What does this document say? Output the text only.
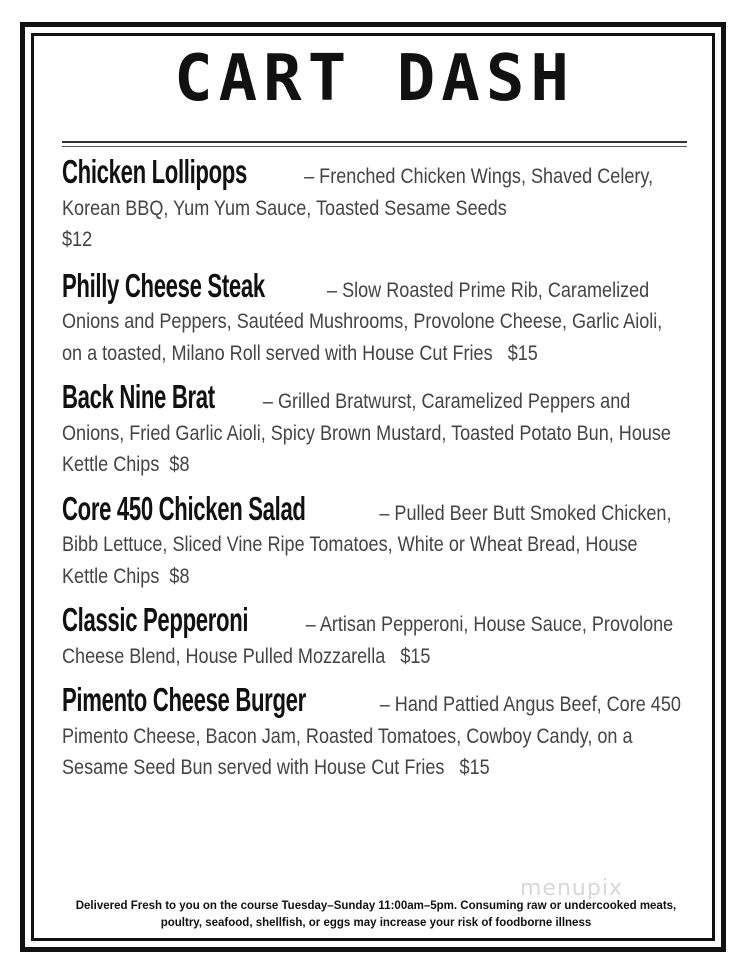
CART DASH
Chicken Lollipops – Frenched Chicken Wings, Shaved Celery, Korean BBQ, Yum Yum Sauce, Toasted Sesame Seeds
$12
Philly Cheese Steak	– Slow Roasted Prime Rib, Caramelized Onions and Peppers, Sautéed Mushrooms, Provolone Cheese, Garlic Aioli, on a toasted, Milano Roll served with House Cut Fries $15
Back Nine Brat – Grilled Bratwurst, Caramelized Peppers and Onions, Fried Garlic Aioli, Spicy Brown Mustard, Toasted Potato Bun, House Kettle Chips $8
Core 450 Chicken Salad	– Pulled Beer Butt Smoked Chicken, Bibb Lettuce, Sliced Vine Ripe Tomatoes, White or Wheat Bread, House Kettle Chips $8
Classic Pepperoni	– Artisan Pepperoni, House Sauce, Provolone Cheese Blend, House Pulled Mozzarella $15
Pimento Cheese Burger	– Hand Pattied Angus Beef, Core 450 Pimento Cheese, Bacon Jam, Roasted Tomatoes, Cowboy Candy, on a Sesame Seed Bun served with House Cut Fries $15
menupix
Delivered Fresh to you on the course Tuesday–Sunday 11:00am–5pm. Consuming raw or undercooked meats,
poultry, seafood, shellfish, or eggs may increase your risk of foodborne illness
